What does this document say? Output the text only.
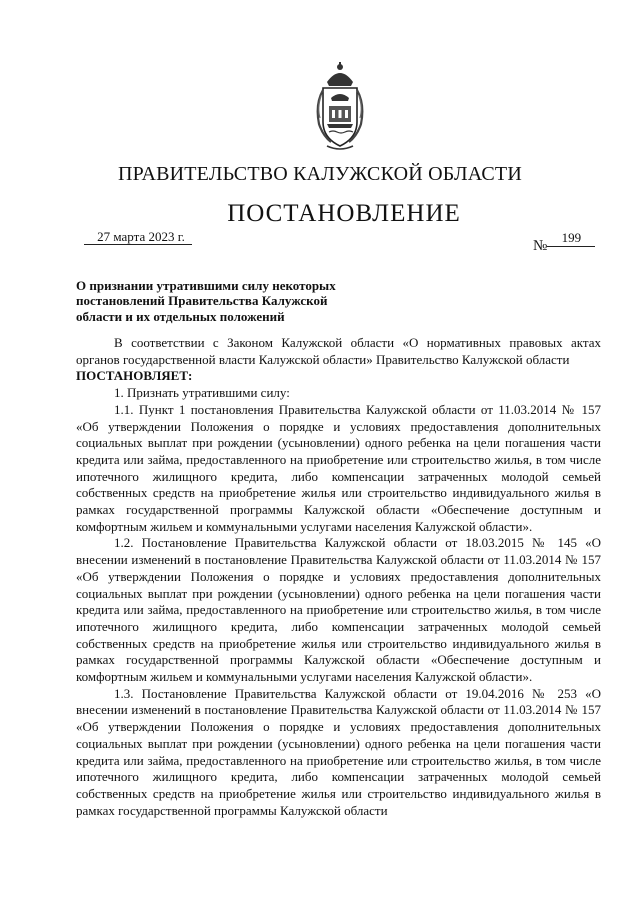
ПРАВИТЕЛЬСТВО КАЛУЖСКОЙ ОБЛАСТИ
ПОСТАНОВЛЕНИЕ
27 марта 2023 г.
№199
О признании утратившими силу некоторых постановлений Правительства Калужской области и их отдельных положений

В соответствии с Законом Калужской области «О нормативных правовых актах органов государственной власти Калужской области» Правительство Калужской области

ПОСТАНОВЛЯЕТ:

1. Признать утратившими силу:

1.1. Пункт 1 постановления Правительства Калужской области от 11.03.2014 № 157 «Об утверждении Положения о порядке и условиях предоставления дополнительных социальных выплат при рождении (усыновлении) одного ребенка на цели погашения части кредита или займа, предоставленного на приобретение или строительство жилья, в том числе ипотечного жилищного кредита, либо компенсации затраченных молодой семьей собственных средств на приобретение жилья или строительство индивидуального жилья в рамках государственной программы Калужской области «Обеспечение доступным и комфортным жильем и коммунальными услугами населения Калужской области».

1.2. Постановление Правительства Калужской области от 18.03.2015 № 145 «О внесении изменений в постановление Правительства Калужской области от 11.03.2014 № 157 «Об утверждении Положения о порядке и условиях предоставления дополнительных социальных выплат при рождении (усыновлении) одного ребенка на цели погашения части кредита или займа, предоставленного на приобретение или строительство жилья, в том числе ипотечного жилищного кредита, либо компенсации затраченных молодой семьей собственных средств на приобретение жилья или строительство индивидуального жилья в рамках государственной программы Калужской области «Обеспечение доступным и комфортным жильем и коммунальными услугами населения Калужской области».

1.3. Постановление Правительства Калужской области от 19.04.2016 № 253 «О внесении изменений в постановление Правительства Калужской области от 11.03.2014 № 157 «Об утверждении Положения о порядке и условиях предоставления дополнительных социальных выплат при рождении (усыновлении) одного ребенка на цели погашения части кредита или займа, предоставленного на приобретение или строительство жилья, в том числе ипотечного жилищного кредита, либо компенсации затраченных молодой семьей собственных средств на приобретение жилья или строительство индивидуального жилья в рамках государственной программы Калужской области
